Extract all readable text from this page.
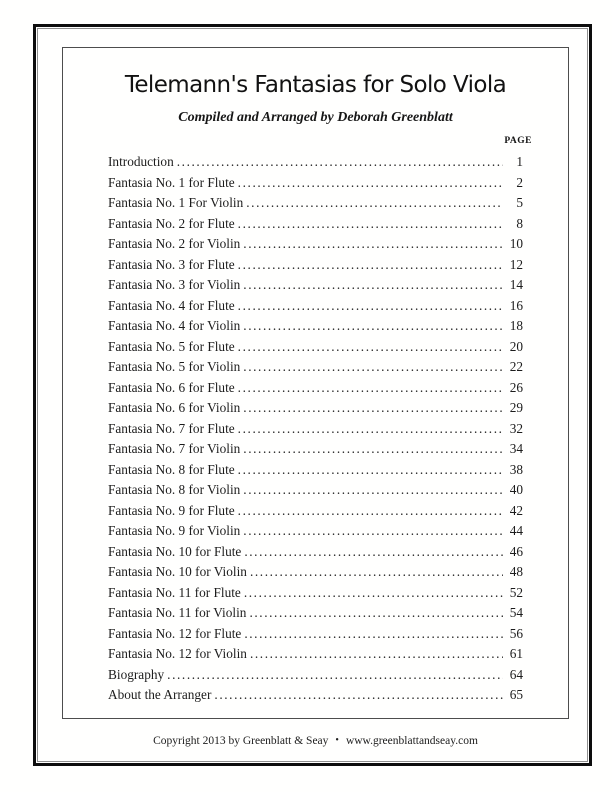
Telemann's Fantasias for Solo Viola
Compiled and Arranged by Deborah Greenblatt
PAGE
Introduction .....	1
Fantasia No. 1 for Flute .....	2
Fantasia No. 1 For Violin .....	5
Fantasia No. 2 for Flute .....	8
Fantasia No. 2 for Violin .....	10
Fantasia No. 3 for Flute .....	12
Fantasia No. 3 for Violin .....	14
Fantasia No. 4 for Flute .....	16
Fantasia No. 4 for Violin .....	18
Fantasia No. 5 for Flute .....	20
Fantasia No. 5 for Violin .....	22
Fantasia No. 6 for Flute .....	26
Fantasia No. 6 for Violin .....	29
Fantasia No. 7 for Flute .....	32
Fantasia No. 7 for Violin .....	34
Fantasia No. 8 for Flute .....	38
Fantasia No. 8 for Violin .....	40
Fantasia No. 9 for Flute .....	42
Fantasia No. 9 for Violin .....	44
Fantasia No. 10 for Flute .....	46
Fantasia No. 10 for Violin .....	48
Fantasia No. 11 for Flute .....	52
Fantasia No. 11 for Violin .....	54
Fantasia No. 12 for Flute .....	56
Fantasia No. 12 for Violin .....	61
Biography .....	64
About the Arranger .....	65
Copyright 2013 by Greenblatt & Seay • www.greenblattandseay.com
